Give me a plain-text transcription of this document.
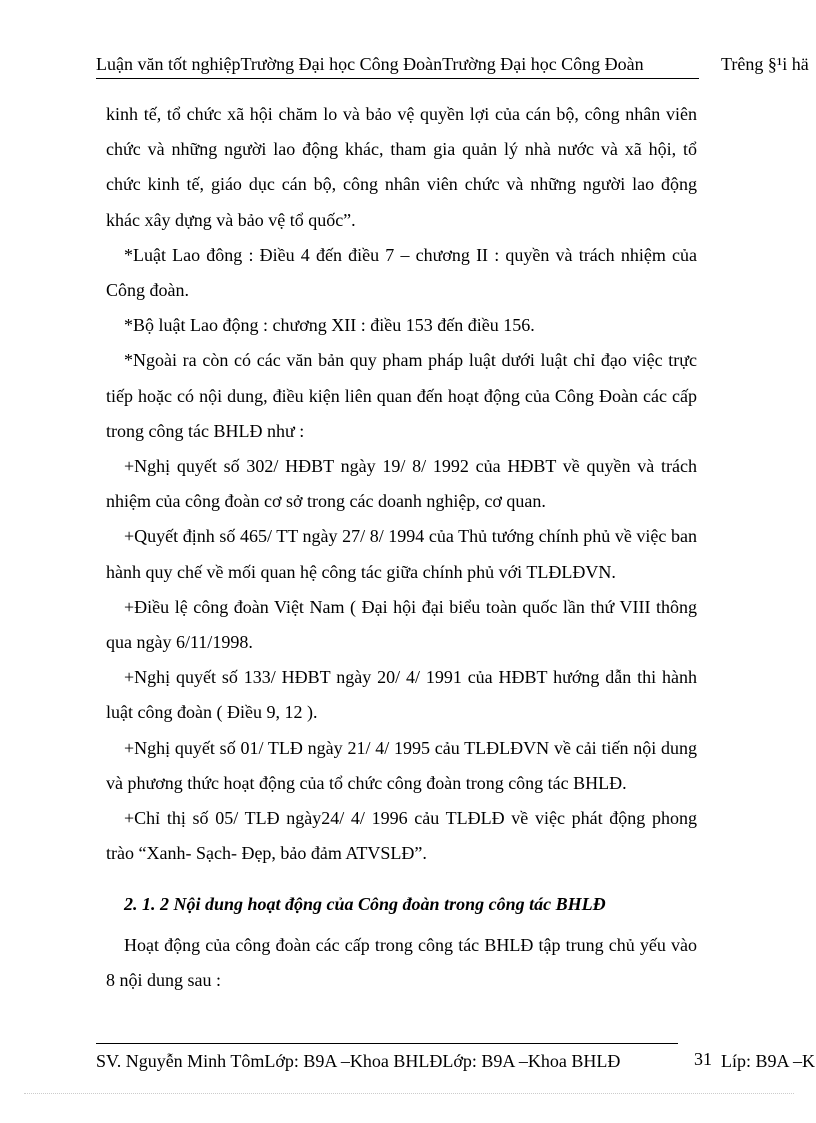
Luận văn tốt nghiệpTrường Đại học Công ĐoànTrường Đại học Công Đoàn	Trêng §¹i hä

kinh tế, tổ chức xã hội chăm lo và bảo vệ quyền lợi của cán bộ, công nhân viên chức và những người lao động khác, tham gia quản lý nhà nước và xã hội, tổ chức kinh tế, giáo dục cán bộ, công nhân viên chức và những người lao động khác xây dựng và bảo vệ tổ quốc”.

*Luật Lao đông : Điều 4 đến điều 7 – chương II : quyền và trách nhiệm của Công đoàn.

*Bộ luật Lao động : chương XII : điều 153 đến điều 156.

*Ngoài ra còn có các văn bản quy pham pháp luật dưới luật chỉ đạo việc trực tiếp hoặc có nội dung, điều kiện liên quan đến hoạt động của Công Đoàn các cấp trong công tác BHLĐ như :

+Nghị quyết số 302/ HĐBT ngày 19/ 8/ 1992 của HĐBT về quyền và trách nhiệm của công đoàn cơ sở trong các doanh nghiệp, cơ quan.

+Quyết định số 465/ TT ngày 27/ 8/ 1994 của Thủ tướng chính phủ về việc ban hành quy chế về mối quan hệ công tác giữa chính phủ với TLĐLĐVN.

+Điều lệ công đoàn Việt Nam ( Đại hội đại biểu toàn quốc lần thứ VIII thông qua ngày 6/11/1998.

+Nghị quyết số 133/ HĐBT ngày 20/ 4/ 1991 của HĐBT hướng dẫn thi hành luật công đoàn ( Điều 9, 12 ).

+Nghị quyết số 01/ TLĐ ngày 21/ 4/ 1995 cảu TLĐLĐVN về cải tiến nội dung và phương thức hoạt động của tổ chức công đoàn trong công tác BHLĐ.

+Chỉ thị số 05/ TLĐ ngày24/ 4/ 1996 cảu TLĐLĐ về việc phát động phong trào “Xanh- Sạch- Đẹp, bảo đảm ATVSLĐ”.

2. 1. 2 Nội dung hoạt động của Công đoàn trong công tác BHLĐ

Hoạt động của công đoàn các cấp trong công tác BHLĐ tập trung chủ yếu vào 8 nội dung sau :

SV. Nguyễn Minh TômLớp: B9A –Khoa BHLĐLớp: B9A –Khoa BHLĐ	31 Líp: B9A –K
